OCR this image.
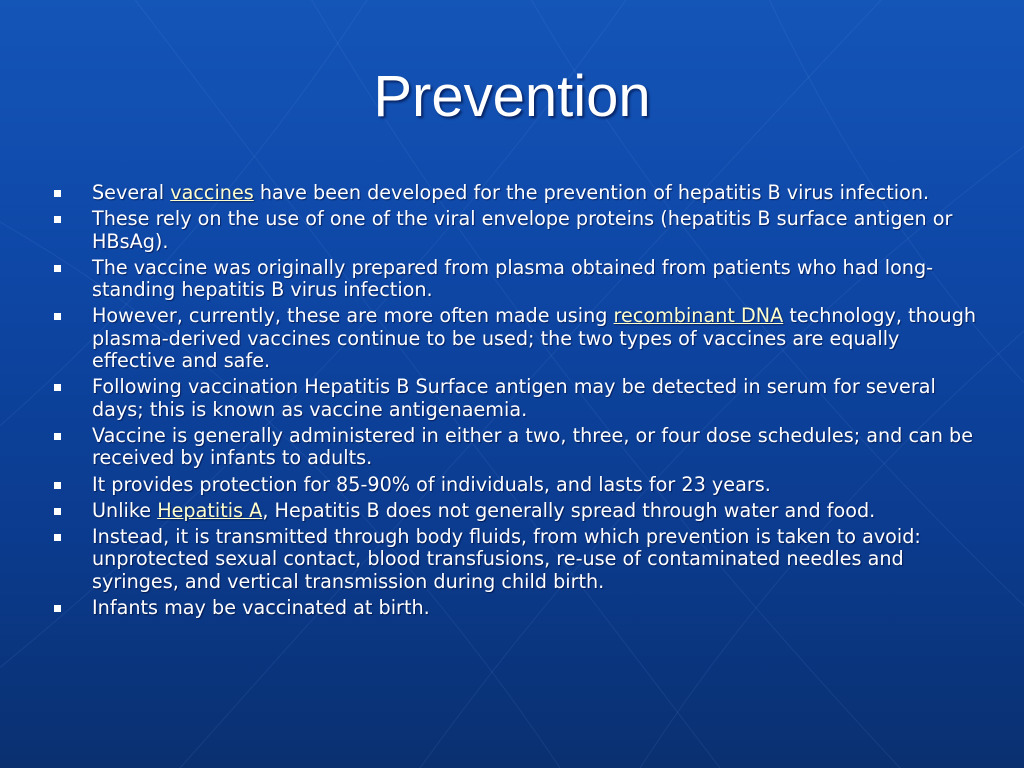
Prevention
Several vaccines have been developed for the prevention of hepatitis B virus infection.
These rely on the use of one of the viral envelope proteins (hepatitis B surface antigen or HBsAg).
The vaccine was originally prepared from plasma obtained from patients who had long-standing hepatitis B virus infection.
However, currently, these are more often made using recombinant DNA technology, though plasma-derived vaccines continue to be used; the two types of vaccines are equally effective and safe.
Following vaccination Hepatitis B Surface antigen may be detected in serum for several days; this is known as vaccine antigenaemia.
Vaccine is generally administered in either a two, three, or four dose schedules; and can be received by infants to adults.
It provides protection for 85-90% of individuals, and lasts for 23 years.
Unlike Hepatitis A, Hepatitis B does not generally spread through water and food.
Instead, it is transmitted through body fluids, from which prevention is taken to avoid: unprotected sexual contact, blood transfusions, re-use of contaminated needles and syringes, and vertical transmission during child birth.
Infants may be vaccinated at birth.
